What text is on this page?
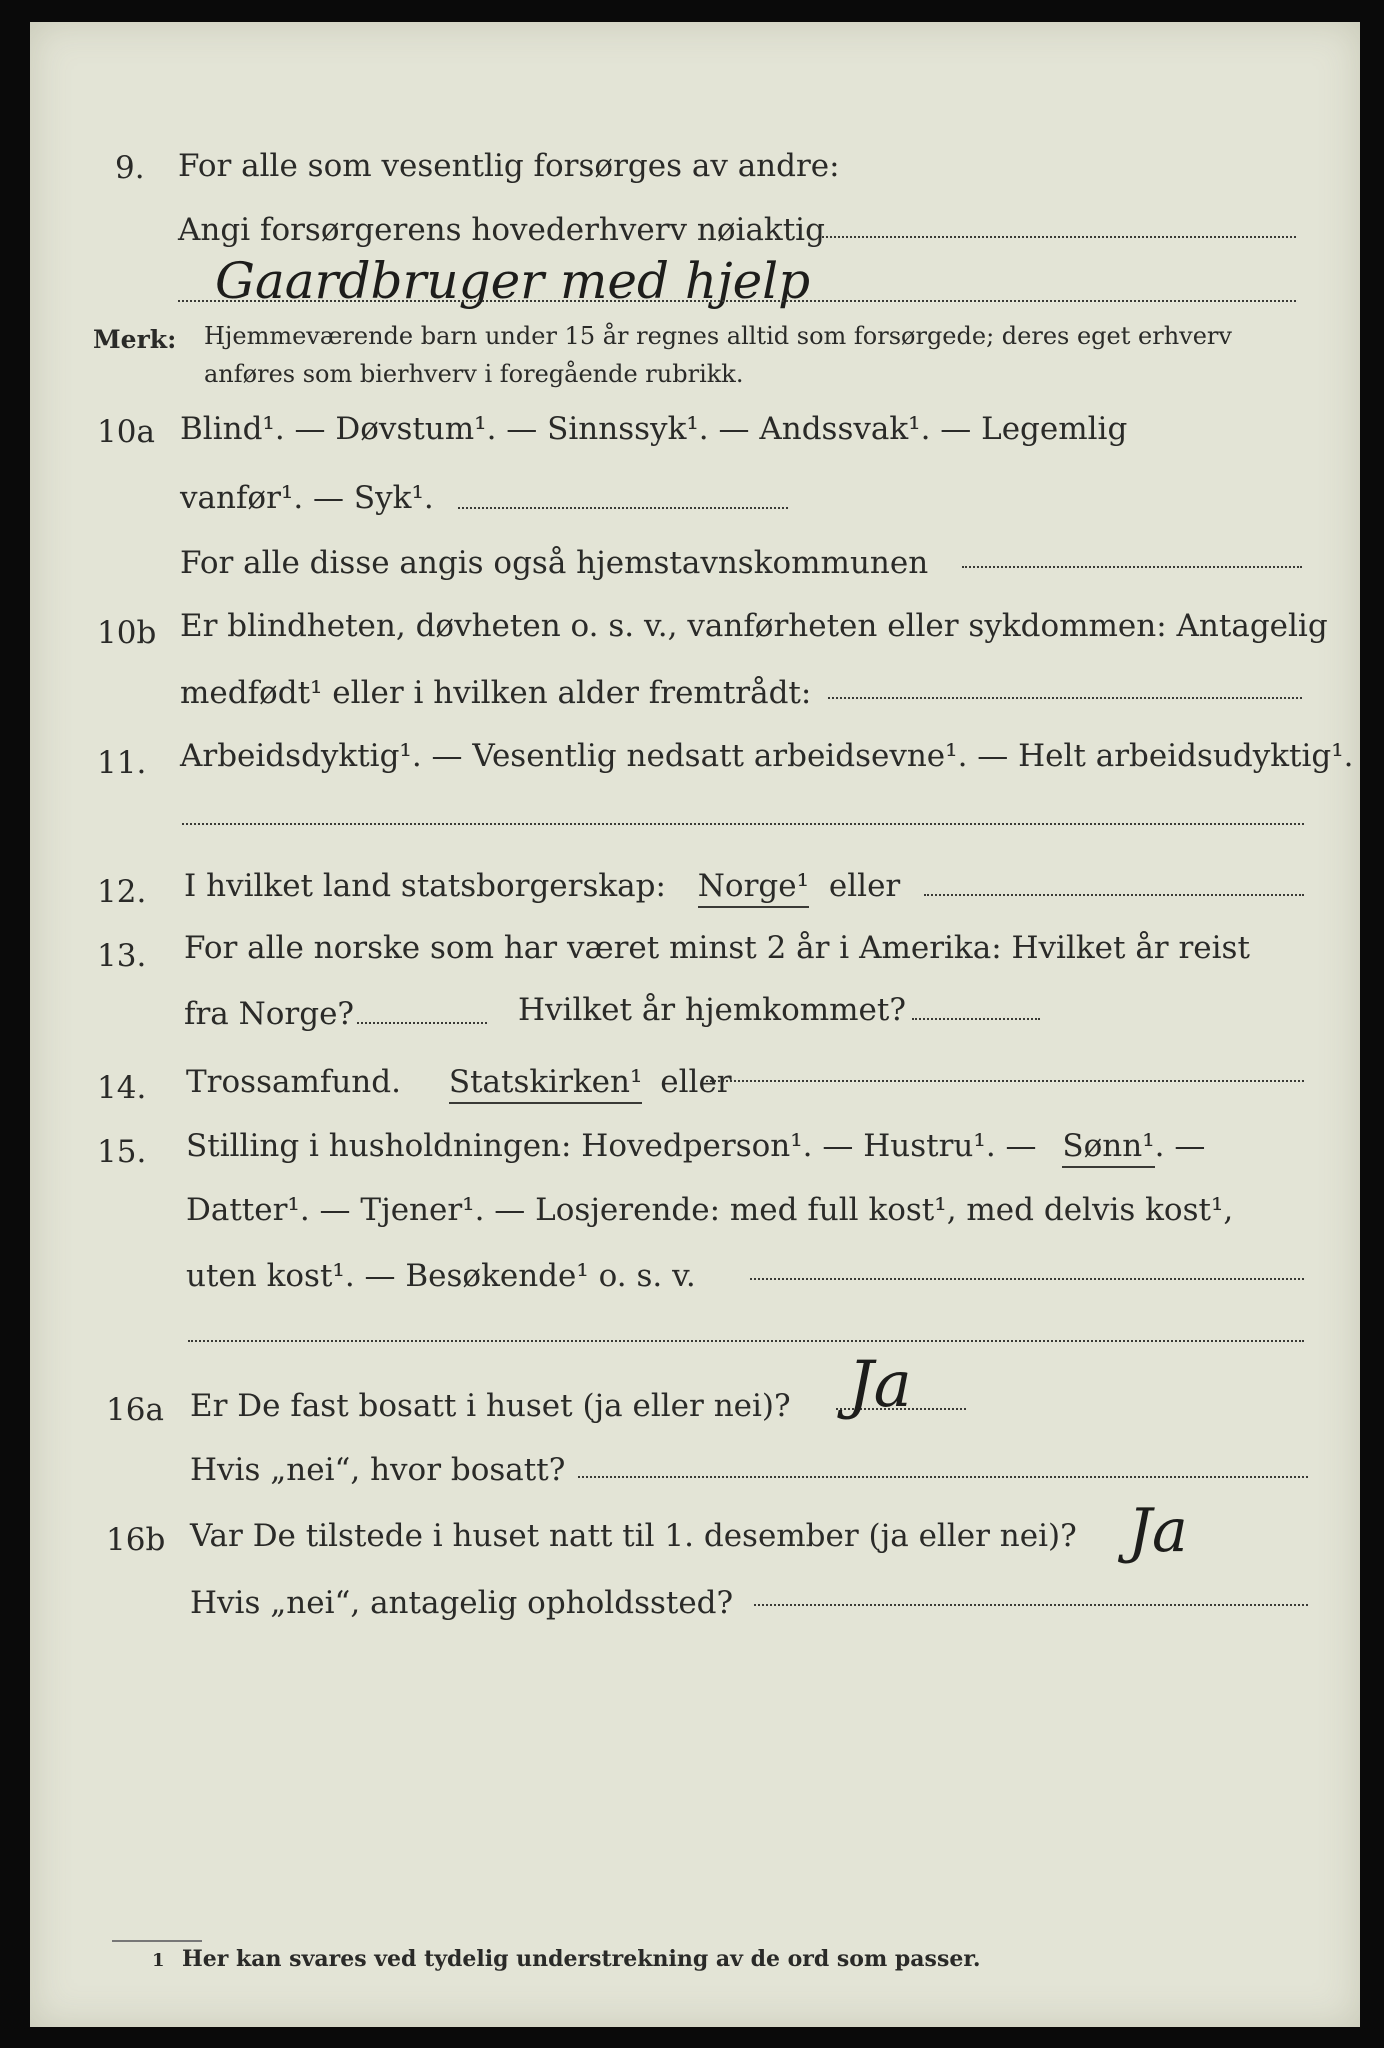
9. For alle som vesentlig forsørges av andre:
Angi forsørgerens hovederhverv nøiaktig
Gaardbruger med hjelp
Merk: Hjemmeværende barn under 15 år regnes alltid som forsørgede; deres eget erhverv
anføres som bierhverv i foregående rubrikk.
10a Blind¹. — Døvstum¹. — Sinnssyk¹. — Andssvak¹. — Legemlig
vanfør¹. — Syk¹.
For alle disse angis også hjemstavnskommunen
10b Er blindheten, døvheten o. s. v., vanførheten eller sykdommen: Antagelig
medfødt¹ eller i hvilken alder fremtrådt:
11. Arbeidsdyktig¹. — Vesentlig nedsatt arbeidsevne¹. — Helt arbeidsudyktig¹.
12. I hvilket land statsborgerskap: Norge¹ eller
13. For alle norske som har været minst 2 år i Amerika: Hvilket år reist
fra Norge?	Hvilket år hjemkommet?
14. Trossamfund. Statskirken¹ eller
15. Stilling i husholdningen: Hovedperson¹. — Hustru¹. — Sønn¹. —
Datter¹. — Tjener¹. — Losjerende: med full kost¹, med delvis kost¹,
uten kost¹. — Besøkende¹ o. s. v.
16a Er De fast bosatt i huset (ja eller nei)? Ja
Hvis „nei“, hvor bosatt?
16b Var De tilstede i huset natt til 1. desember (ja eller nei)? Ja
Hvis „nei“, antagelig opholdssted?
1 Her kan svares ved tydelig understrekning av de ord som passer.
